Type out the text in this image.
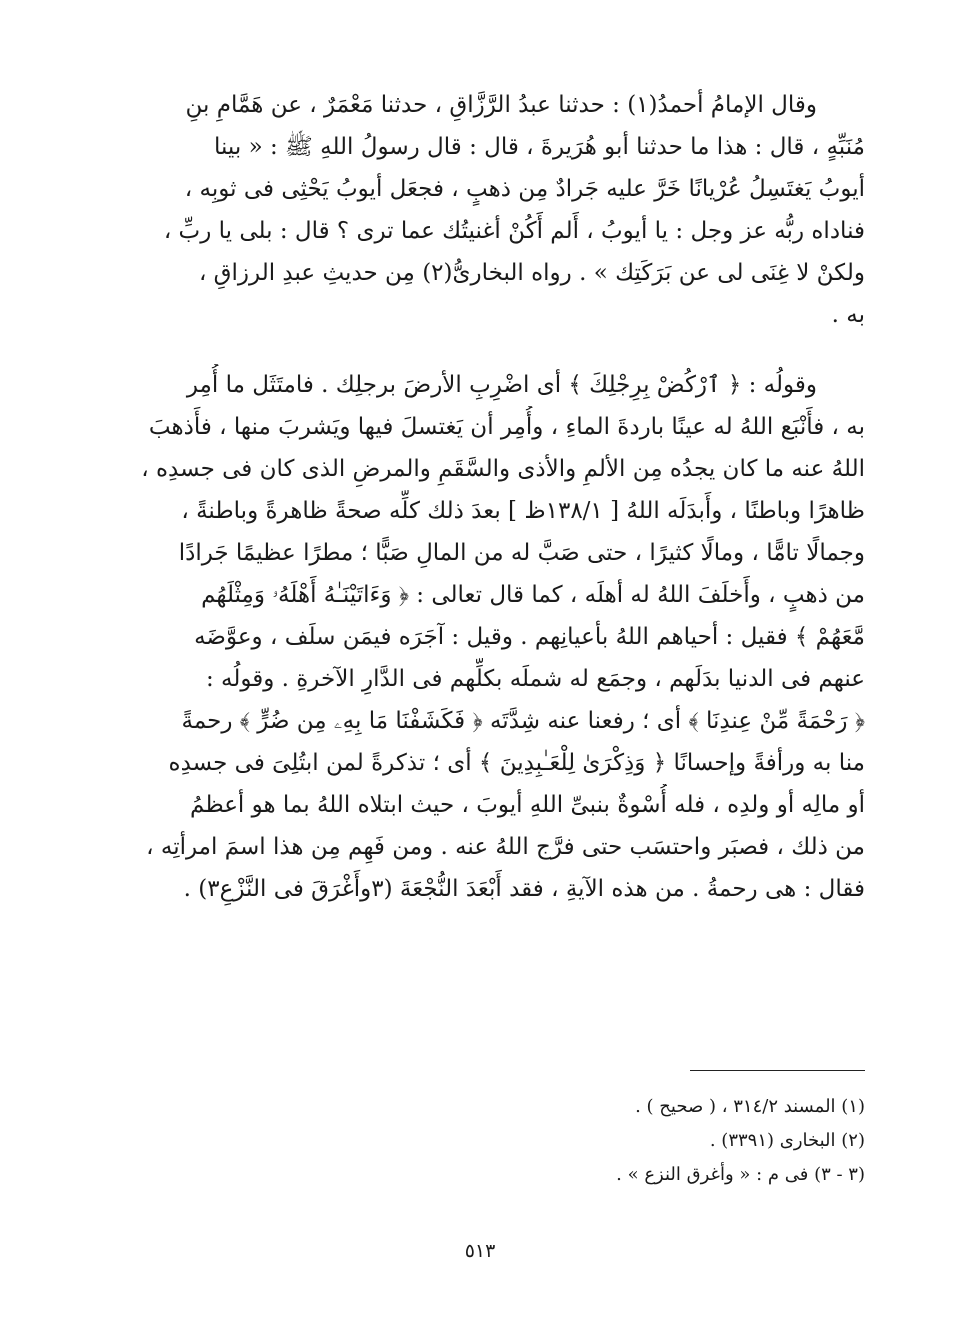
وقال الإمامُ أحمدُ(١) : حدثنا عبدُ الرَّزَّاقِ ، حدثنا مَعْمَرٌ ، عن هَمَّامِ بنِ
مُنَبِّهٍ ، قال : هذا ما حدثنا أبو هُرَيرةَ ، قال : قال رسولُ اللهِ ﷺ : « بينا
أيوبُ يَغتَسِلُ عُرْيانًا خَرَّ عليه جَرادٌ مِن ذهبٍ ، فجعَل أيوبُ يَحْثِى فى ثوبِه ،
فناداه ربُّه عز وجل : يا أيوبُ ، أَلم أَكُنْ أغنيتُك عما ترى ؟ قال : بلى يا ربِّ ،
ولكنْ لا غِنَى لى عن بَرَكَتِك » . رواه البخارىُّ(٢) مِن حديثِ عبدِ الرزاقِ ،
به .

وقولُه : ﴿ ٱرْكُضْ بِرِجْلِكَ ﴾ أى اضْرِبِ الأرضَ برجلِك . فامتَثَل ما أُمِر
به ، فأَنْبَع اللهُ له عينًا باردةَ الماءِ ، وأُمِر أن يَغتسلَ فيها ويَشربَ منها ، فأَذهبَ
اللهُ عنه ما كان يجدُه مِن الألمِ والأذى والسَّقَمِ والمرضِ الذى كان فى جسدِه ،
ظاهرًا وباطنًا ، وأَبدَلَه اللهُ [ ١٣٨/١ظ ] بعدَ ذلك كلِّه صحةً ظاهرةً وباطنةً ،
وجمالًا تامًّا ، ومالًا كثيرًا ، حتى صَبَّ له من المالِ صَبًّا ؛ مطرًا عظيمًا جَرادًا
من ذهبٍ ، وأَخلَفَ اللهُ له أهلَه ، كما قال تعالى : ﴿ وَءَاتَيْنَـٰهُ أَهْلَهُۥ وَمِثْلَهُم
مَّعَهُمْ ﴾ فقيل : أحياهم اللهُ بأعيانِهم . وقيل : آجَرَه فيمَن سلَف ، وعوَّضَه
عنهم فى الدنيا بدَلَهم ، وجمَع له شملَه بكلِّهم فى الدَّارِ الآخرةِ . وقولُه :
﴿ رَحْمَةً مِّنْ عِندِنَا ﴾ أى ؛ رفعنا عنه شِدَّتَه ﴿ فَكَشَفْنَا مَا بِهِۦ مِن ضُرٍّ ﴾ رحمةً
منا به ورأفةً وإحسانًا ﴿ وَذِكْرَىٰ لِلْعَـٰبِدِينَ ﴾ أى ؛ تذكرةً لمن ابتُلِىَ فى جسدِه
أو مالِه أو ولدِه ، فله أُسْوةٌ بنبىِّ اللهِ أيوبَ ، حيث ابتلاه اللهُ بما هو أعظمُ
من ذلك ، فصبَر واحتسَب حتى فرَّج اللهُ عنه . ومن فَهِم مِن هذا اسمَ امرأتِه ،
فقال : هى رحمةُ . من هذه الآيةِ ، فقد أَبْعَدَ النُّجْعَةَ (٣وأَغْرَقَ فى النَّزْعِ٣) .

(١) المسند ٣١٤/٢ ، ( صحيح ) .
(٢) البخارى (٣٣٩١) .
(٣ - ٣) فى م : « وأغرق النزع » .
٥١٣
